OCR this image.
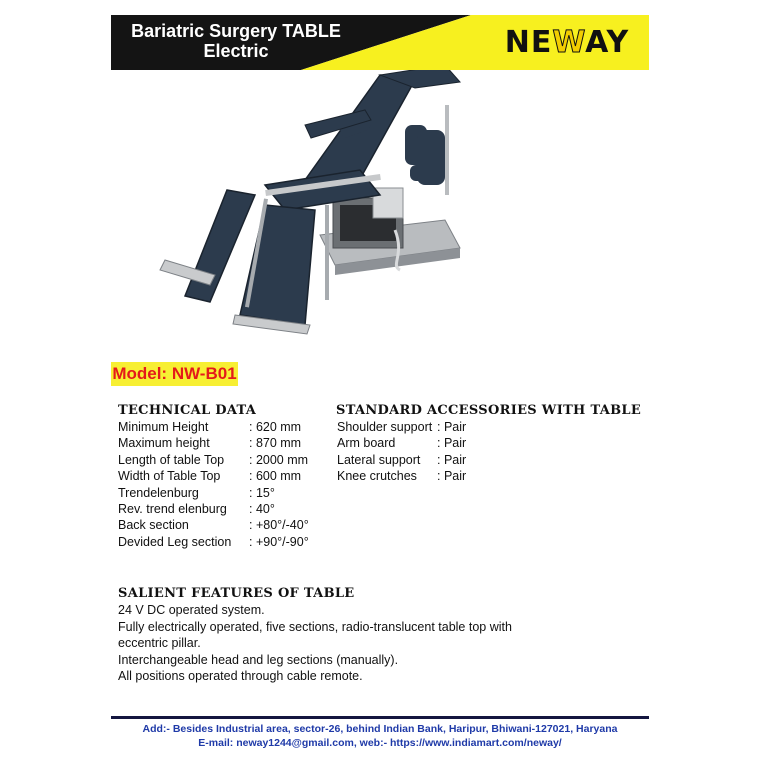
Bariatric Surgery TABLE
Electric	NEWAY
Model: NW-B01
TECHNICAL DATA
Minimum Height	: 620 mm
Maximum height	: 870 mm
Length of table Top : 2000 mm
Width of Table Top : 600 mm
Trendelenburg	: 15°
Rev. trend elenburg : 40°
Back section	: +80°/-40°
Devided Leg section : +90°/-90°
STANDARD ACCESSORIES WITH TABLE
Shoulder support : Pair
Arm board	: Pair
Lateral support : Pair
Knee crutches : Pair
SALIENT FEATURES OF TABLE
24 V DC operated system.
Fully electrically operated, five sections, radio-translucent table top with
eccentric pillar.
Interchangeable head and leg sections (manually).
All positions operated through cable remote.
Add:- Besides Industrial area, sector-26, behind Indian Bank, Haripur, Bhiwani-127021, Haryana
E-mail: neway1244@gmail.com, web:- https://www.indiamart.com/neway/
